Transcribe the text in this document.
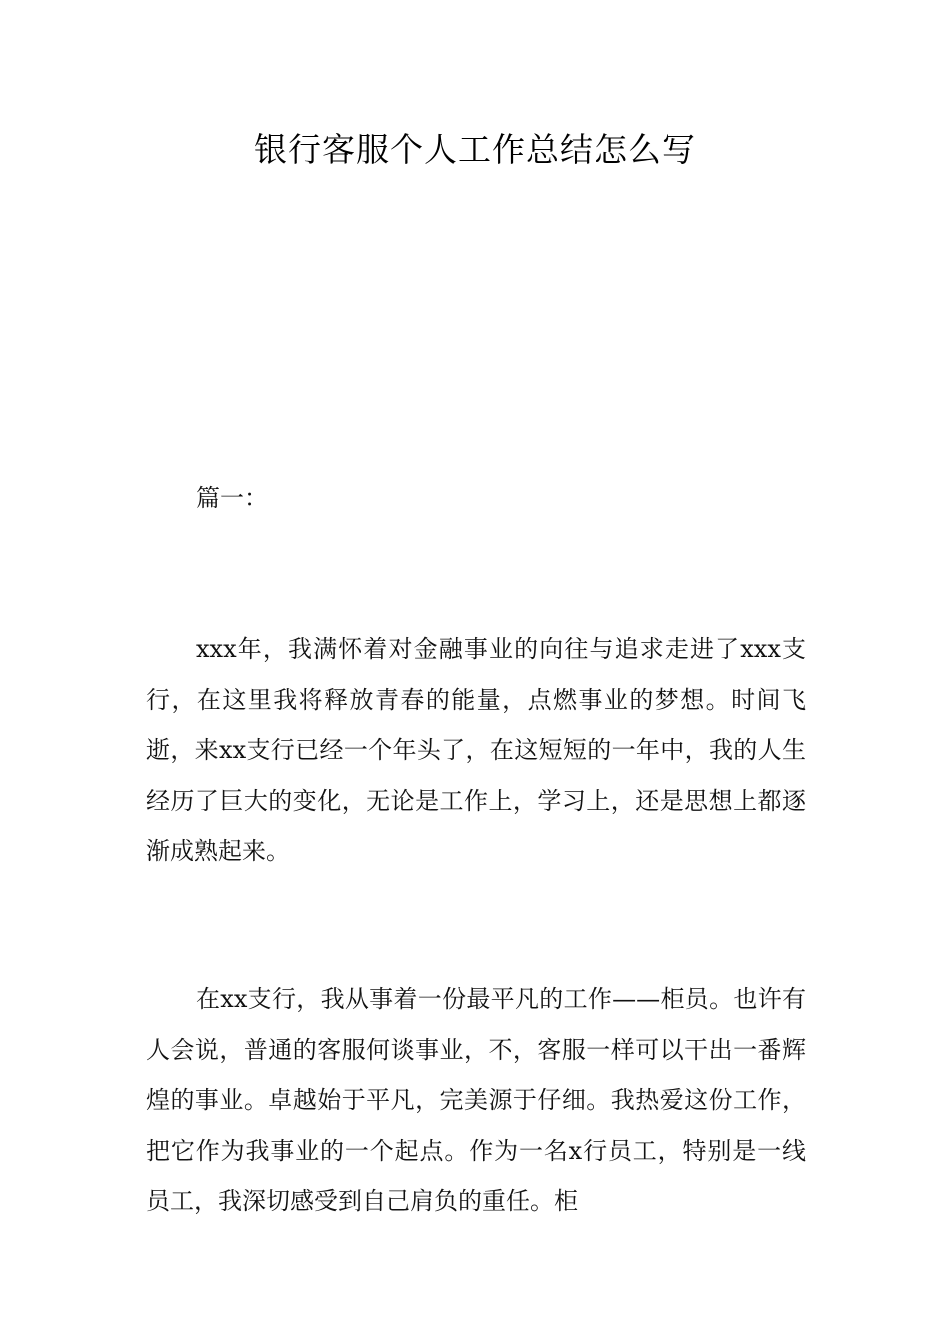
银行客服个人工作总结怎么写
篇一：

xxx年，我满怀着对金融事业的向往与追求走进了xxx支行，在这里我将释放青春的能量，点燃事业的梦想。时间飞逝，来xx支行已经一个年头了，在这短短的一年中，我的人生经历了巨大的变化，无论是工作上，学习上，还是思想上都逐渐成熟起来。

在xx支行，我从事着一份最平凡的工作——柜员。也许有人会说，普通的客服何谈事业，不，客服一样可以干出一番辉煌的事业。卓越始于平凡，完美源于仔细。我热爱这份工作，把它作为我事业的一个起点。作为一名x行员工，特别是一线员工，我深切感受到自己肩负的重任。柜
